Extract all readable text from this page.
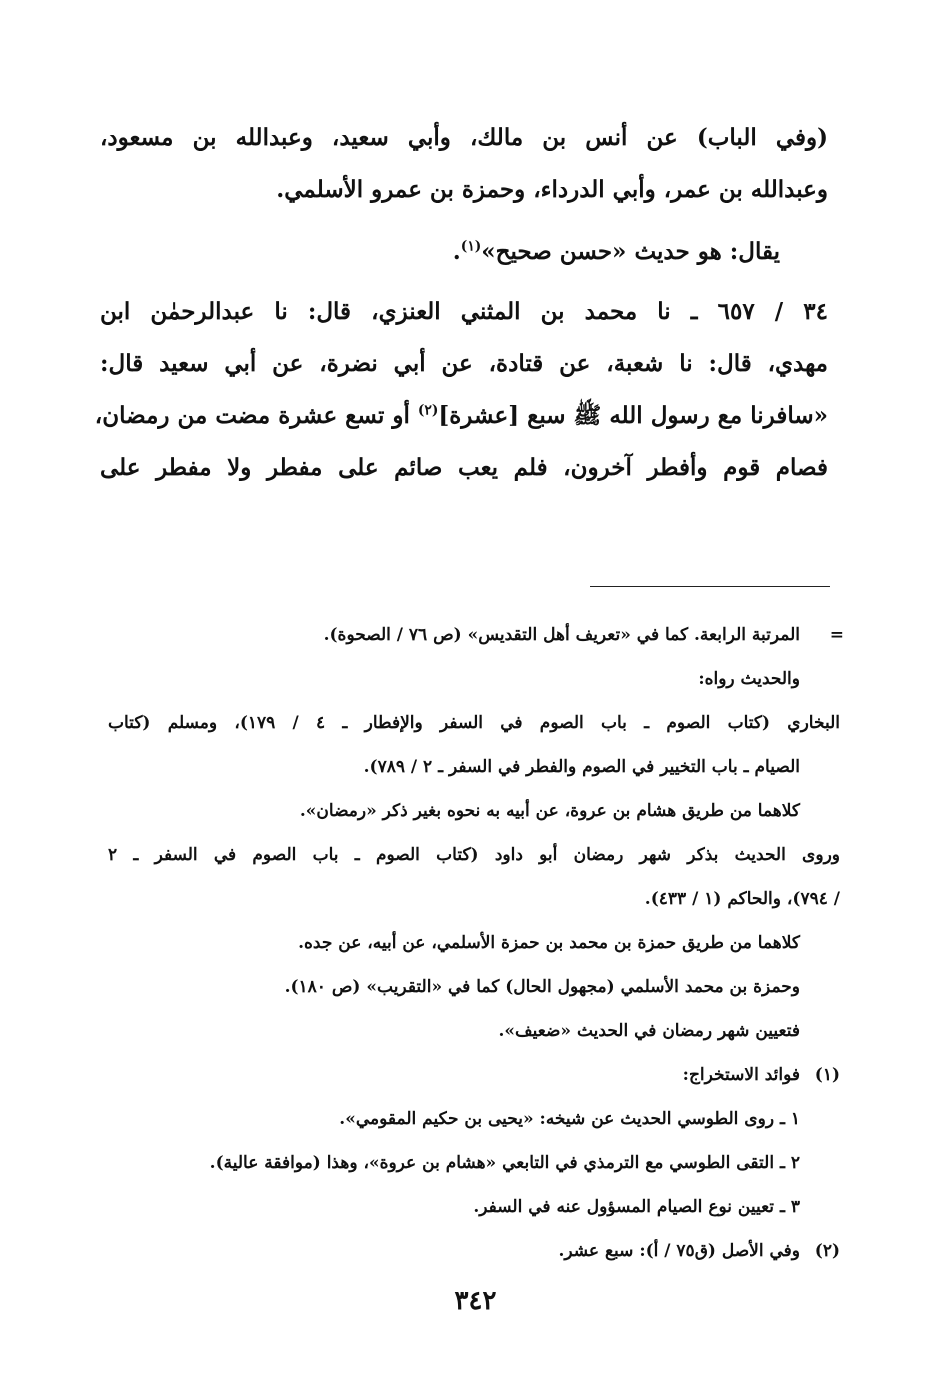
(وفي الباب) عن أنس بن مالك، وأبي سعيد، وعبدالله بن مسعود،
وعبدالله بن عمر، وأبي الدرداء، وحمزة بن عمرو الأسلمي.
يقال: هو حديث «حسن صحيح»$^{(١)}$.
٣٤ / ٦٥٧ ـ نا محمد بن المثني العنزي، قال: نا عبدالرحمٰن ابن
مهدي، قال: نا شعبة، عن قتادة، عن أبي نضرة، عن أبي سعيد قال:
«سافرنا مع رسول الله ﷺ سبع [عشرة]$^{(٢)}$ أو تسع عشرة مضت من رمضان،
فصام قوم وأفطر آخرون، فلم يعب صائم على مفطر ولا مفطر على
=
المرتبة الرابعة. كما في «تعريف أهل التقديس» (ص ٧٦ / الصحوة).
والحديث رواه:
البخاري (كتاب الصوم ـ باب الصوم في السفر والإفطار ـ ٤ / ١٧٩)، ومسلم (كتاب
الصيام ـ باب التخيير في الصوم والفطر في السفر ـ ٢ / ٧٨٩).
كلاهما من طريق هشام بن عروة، عن أبيه به نحوه بغير ذكر «رمضان».
وروى الحديث بذكر شهر رمضان أبو داود (كتاب الصوم ـ باب الصوم في السفر ـ ٢
/ ٧٩٤)، والحاكم (١ / ٤٣٣).
كلاهما من طريق حمزة بن محمد بن حمزة الأسلمي، عن أبيه، عن جده.
وحمزة بن محمد الأسلمي (مجهول الحال) كما في «التقريب» (ص ١٨٠).
فتعيين شهر رمضان في الحديث «ضعيف».
(١)فوائد الاستخراج:
١ ـ روى الطوسي الحديث عن شيخه: «يحيى بن حكيم المقومي».
٢ ـ التقى الطوسي مع الترمذي في التابعي «هشام بن عروة»، وهذا (موافقة عالية).
٣ ـ تعيين نوع الصيام المسؤول عنه في السفر.
(٢)وفي الأصل (ق٧٥ / أ): سبع عشر.
٣٤٢
